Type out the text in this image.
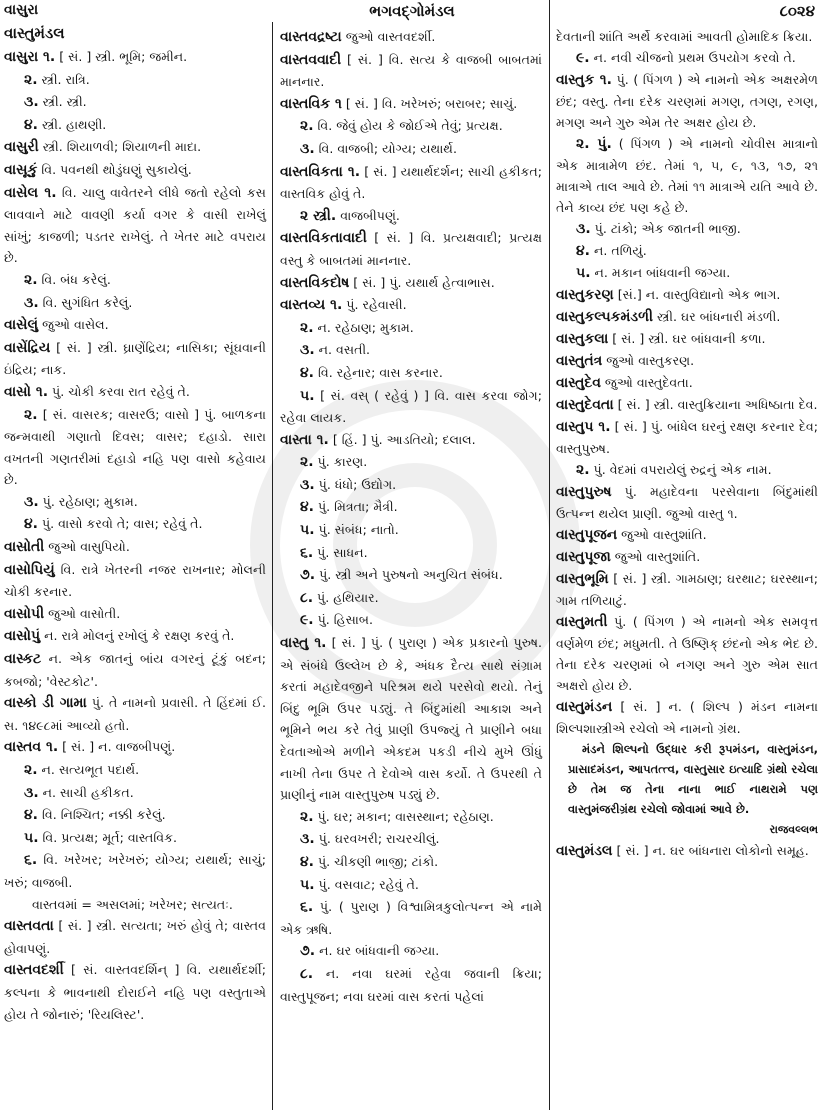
વાસુરા	ભગવદ્ગોમંડલ	૮૦૨૪
વાસ્તુમંડલ

વાસુરા ૧. [ સં. ] સ્ત્રી. ભૂમિ; જમીન.

૨. સ્ત્રી. રાત્રિ.

૩. સ્ત્રી. સ્ત્રી.

૪. સ્ત્રી. હાથણી.

વાસુરી સ્ત્રી. શિયાળવી; શિયાળની માદા.

વાસૂકું વિ. પવનથી થોડુંઘણું સુકાયેલું.

વાસેલ ૧. વિ. ચાલુ વાવેતરને લીધે જતો રહેલો કસ લાવવાને માટે વાવણી કર્યા વગર કે વાસી રાખેલું સાંખું; કાજળી; પડતર રાખેલું. તે ખેતર માટે વપરાય છે.

૨. વિ. બંધ કરેલું.

૩. વિ. સુગંધિત કરેલું.

વાસેલું જુઓ વાસેલ.

વાસેંદ્રિય [ સં. ] સ્ત્રી. ઘ્રાણેંદ્રિય; નાસિકા; સૂંઘવાની ઇંદ્રિય; નાક.

વાસો ૧. પું. ચોકી કરવા રાત રહેવું તે.

૨. [ સં. વાસરક; વાસરઉ; વાસો ] પું. બાળકના જન્મવાથી ગણાતો દિવસ; વાસર; દહાડો. સારા વખતની ગણતરીમાં દહાડો નહિ પણ વાસો કહેવાય છે.

૩. પું. રહેઠાણ; મુકામ.

૪. પું. વાસો કરવો તે; વાસ; રહેવું તે.

વાસોતી જુઓ વાસુપિયો.

વાસોપિયું વિ. રાત્રે ખેતરની નજર રાખનાર; મોલની ચોકી કરનાર.

વાસોપી જુઓ વાસોતી.

વાસોપું ન. રાત્રે મોલનું રખોલું કે રક્ષણ કરવું તે.

વાસ્કટ ન. એક જાતનું બાંય વગરનું ટૂંકું બદન; કબજો; 'વેસ્ટકોટ'.

વાસ્કો ડી ગામા પું. તે નામનો પ્રવાસી. તે હિંદમાં ઈ. સ. ૧૪૯૮માં આવ્યો હતો.

વાસ્તવ ૧. [ સં. ] ન. વાજબીપણું.

૨. ન. સત્યભૂત પદાર્થ.

૩. ન. સાચી હકીકત.

૪. વિ. નિશ્ચિત; નક્કી કરેલું.

૫. વિ. પ્રત્યક્ષ; મૂર્ત; વાસ્તવિક.

૬. વિ. ખરેખર; ખરેખરું; યોગ્ય; યથાર્થ; સાચું; ખરું; વાજબી.

વાસ્તવમાં = અસલમાં; ખરેખર; સત્યતઃ.

વાસ્તવતા [ સં. ] સ્ત્રી. સત્યતા; ખરું હોવું તે; વાસ્તવ હોવાપણું.

વાસ્તવદર્શી [ સં. વાસ્તવદર્શિન્ ] વિ. યથાર્થદર્શી; કલ્પના કે ભાવનાથી દોરાઈને નહિ પણ વસ્તુતાએ હોય તે જોનારું; 'રિયલિસ્ટ'.

વાસ્તવદ્રષ્ટા જુઓ વાસ્તવદર્શી.

વાસ્તવવાદી [ સં. ] વિ. સત્ય કે વાજબી બાબતમાં માનનાર.

વાસ્તવિક ૧ [ સં. ] વિ. ખરેખરું; બરાબર; સાચું.

૨. વિ. જેવું હોય કે જોઈએ તેવું; પ્રત્યક્ષ.

૩. વિ. વાજબી; યોગ્ય; યથાર્થ.

વાસ્તવિકતા ૧. [ સં. ] યથાર્થદર્શન; સાચી હકીકત; વાસ્તવિક હોવું તે.

૨ સ્ત્રી. વાજબીપણું.

વાસ્તવિકતાવાદી [ સં. ] વિ. પ્રત્યક્ષવાદી; પ્રત્યક્ષ વસ્તુ કે બાબતમાં માનનાર.

વાસ્તવિકદોષ [ સં. ] પું. યથાર્થ હેત્વાભાસ.

વાસ્તવ્ય ૧. પું. રહેવાસી.

૨. ન. રહેઠાણ; મુકામ.

૩. ન. વસતી.

૪. વિ. રહેનાર; વાસ કરનાર.

૫. [ સં. વસ્ ( રહેવું ) ] વિ. વાસ કરવા જોગ; રહેવા લાયક.

વાસ્તા ૧. [ હિં. ] પું. આડતિયો; દલાલ.

૨. પું. કારણ.

૩. પું. ધંધો; ઉદ્યોગ.

૪. પું. મિત્રતા; મૈત્રી.

૫. પું. સંબંધ; નાતો.

૬. પું. સાધન.

૭. પું. સ્ત્રી અને પુરુષનો અનુચિત સંબંધ.

૮. પું. હથિયાર.

૯. પું. હિસાબ.

વાસ્તુ ૧. [ સં. ] પું. ( પુરાણ ) એક પ્રકારનો પુરુષ. એ સંબંધે ઉલ્લેખ છે કે, અંધક દૈત્ય સાથે સંગ્રામ કરતાં મહાદેવજીને પરિશ્રમ થયે પરસેવો થયો. તેનું બિંદુ ભૂમિ ઉપર પડ્યું. તે બિંદુમાંથી આકાશ અને ભૂમિને ભય કરે તેવું પ્રાણી ઉપજ્યું તે પ્રાણીને બધા દેવતાઓએ મળીને એકદમ પકડી નીચે મુખે ઊંધું નાખી તેના ઉપર તે દેવોએ વાસ કર્યો. તે ઉપરથી તે પ્રાણીનું નામ વાસ્તુપુરુષ પડ્યું છે.

૨. પું. ઘર; મકાન; વાસસ્થાન; રહેઠાણ.

૩. પું. ઘરવખરી; રાચરચીલું.

૪. પું. ચીકણી ભાજી; ટાંકો.

૫. પું. વસવાટ; રહેવું તે.

૬. પું. ( પુરાણ ) વિશ્વામિત્રકુલોત્પન્ન એ નામે એક ઋષિ.

૭. ન. ઘર બાંધવાની જગ્યા.

૮. ન. નવા ઘરમાં રહેવા જવાની ક્રિયા; વાસ્તુપૂજન; નવા ઘરમાં વાસ કરતાં પહેલાં

દેવતાની શાંતિ અર્થે કરવામાં આવતી હોમાદિક ક્રિયા.

૯. ન. નવી ચીજનો પ્રથમ ઉપયોગ કરવો તે.

વાસ્તુક ૧. પું. ( પિંગળ ) એ નામનો એક અક્ષરમેળ છંદ; વસ્તુ. તેના દરેક ચરણમાં મગણ, તગણ, રગણ, મગણ અને ગુરુ એમ તેર અક્ષર હોય છે.

૨. પું. ( પિંગળ ) એ નામનો ચોવીસ માત્રાનો એક માત્રામેળ છંદ. તેમાં ૧, ૫, ૯, ૧૩, ૧૭, ૨૧ માત્રાએ તાલ આવે છે. તેમાં ૧૧ માત્રાએ યતિ આવે છે. તેને કાવ્ય છંદ પણ કહે છે.

૩. પું. ટાંકો; એક જાતની ભાજી.

૪. ન. તળિયું.

૫. ન. મકાન બાંધવાની જગ્યા.

વાસ્તુકરણ [સં.] ન. વાસ્તુવિદ્યાનો એક ભાગ.

વાસ્તુકલ્પકમંડળી સ્ત્રી. ઘર બાંધનારી મંડળી.

વાસ્તુકલા [ સં. ] સ્ત્રી. ઘર બાંધવાની કળા.

વાસ્તુતંત્ર જુઓ વાસ્તુકરણ.

વાસ્તુદેવ જુઓ વાસ્તુદેવતા.

વાસ્તુદેવતા [ સં. ] સ્ત્રી. વાસ્તુક્રિયાના અધિષ્ઠાતા દેવ.

વાસ્તુપ ૧. [ સં. ] પું. બાંધેલ ઘરનું રક્ષણ કરનાર દેવ; વાસ્તુપુરુષ.

૨. પું. વેદમાં વપરાયેલું રુદ્રનું એક નામ.

વાસ્તુપુરુષ પું. મહાદેવના પરસેવાના બિંદુમાંથી ઉત્પન્ન થયેલ પ્રાણી. જુઓ વાસ્તુ ૧.

વાસ્તુપૂજન જુઓ વાસ્તુશાંતિ.

વાસ્તુપૂજા જુઓ વાસ્તુશાંતિ.

વાસ્તુભૂમિ [ સં. ] સ્ત્રી. ગામઠાણ; ઘરથાટ; ઘરસ્થાન; ગામ તળિયાટું.

વાસ્તુમતી પું. ( પિંગળ ) એ નામનો એક સમવૃત્ત વર્ણમેળ છંદ; મધુમતી. તે ઉષ્ણિક્ છંદનો એક ભેદ છે. તેના દરેક ચરણમાં બે નગણ અને ગુરુ એમ સાત અક્ષરો હોય છે.

વાસ્તુમંડન [ સં. ] ન. ( શિલ્પ ) મંડન નામના શિલ્પશાસ્ત્રીએ રચેલો એ નામનો ગ્રંથ.

મંડને શિલ્પનો ઉદ્ધાર કરી રૂપમંડન, વાસ્તુમંડન, પ્રાસાદમંડન, આપતત્ત્વ, વાસ્તુસાર ઇત્યાદિ ગ્રંથો રચેલા છે તેમ જ તેના નાના ભાઈ નાથરામે પણ વાસ્તુમંજરીગ્રંથ રચેલો જોવામાં આવે છે.

રાજવલ્લભ

વાસ્તુમંડલ [ સં. ] ન. ઘર બાંધનારા લોકોનો સમૂહ.
